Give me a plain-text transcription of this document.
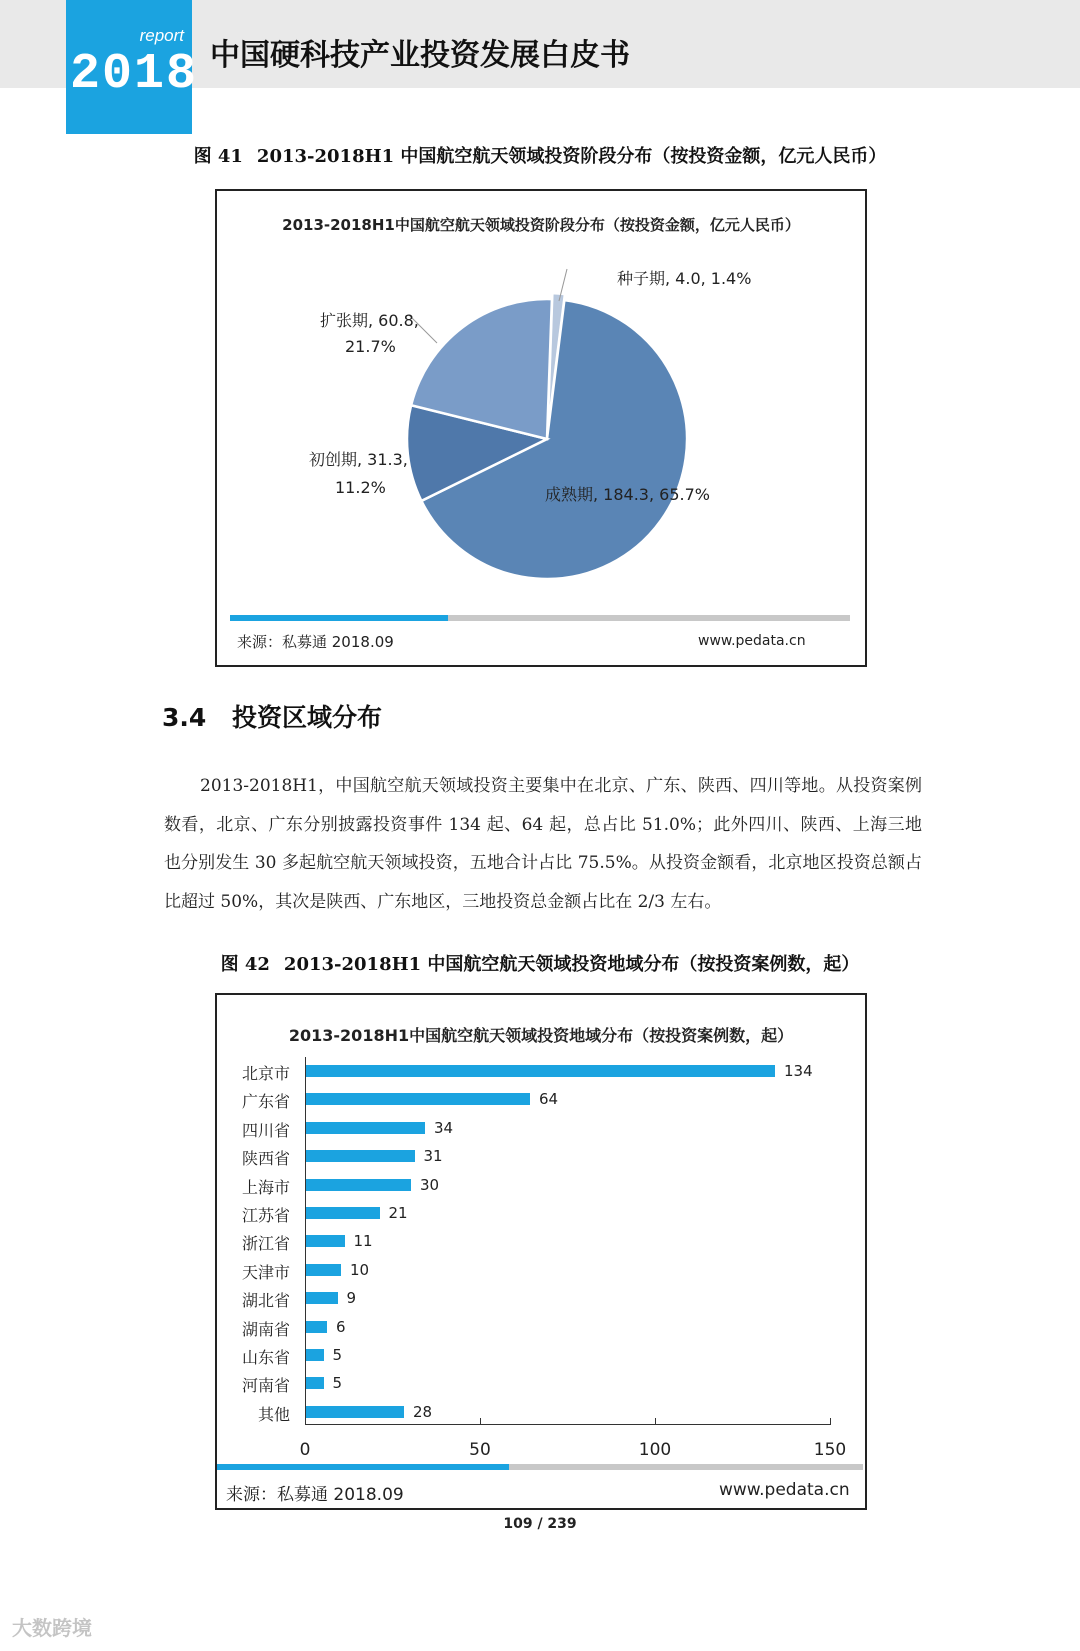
report
2018 中国硬科技产业投资发展白皮书
图 41 2013-2018H1 中国航空航天领域投资阶段分布（按投资金额，亿元人民币）
2013-2018H1中国航空航天领域投资阶段分布（按投资金额，亿元人民币）
种子期, 4.0, 1.4%
扩张期, 60.8,
21.7%
初创期, 31.3,
11.2%	成熟期, 184.3, 65.7%
来源：私募通 2018.09	www.pedata.cn
3.4 投资区域分布
2013-2018H1，中国航空航天领域投资主要集中在北京、广东、陕西、四川等地。从投资案例数看，北京、广东分别披露投资事件 134 起、64 起，总占比 51.0%；此外四川、陕西、上海三地也分别发生 30 多起航空航天领域投资，五地合计占比 75.5%。从投资金额看，北京地区投资总额占比超过 50%，其次是陕西、广东地区，三地投资总金额占比在 2/3 左右。
图 42 2013-2018H1 中国航空航天领域投资地域分布（按投资案例数，起）
2013-2018H1中国航空航天领域投资地域分布（按投资案例数，起）
来源：私募通 2018.09	www.pedata.cn
北京市	134
广东省	64
四川省	34
陕西省	31
上海市	30
江苏省	21
浙江省	11
天津市	10
湖北省	9
湖南省	6
山东省	5
河南省	5
其他	28
0	50	100	150
109 / 239
大数跨境
